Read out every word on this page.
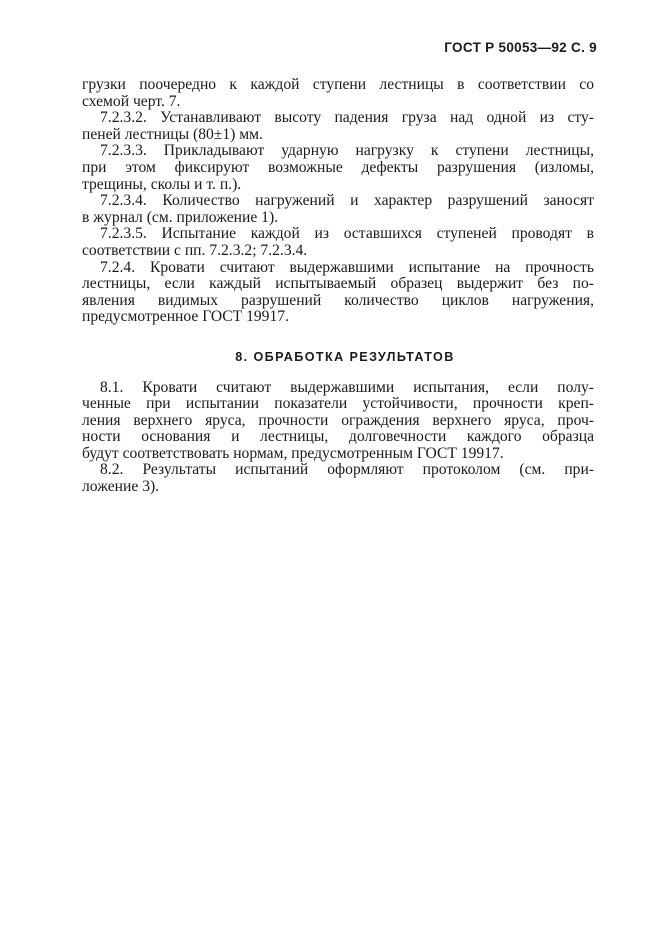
ГОСТ Р 50053—92 С. 9
грузки поочередно к каждой ступени лестницы в соответствии со
схемой черт. 7.
7.2.3.2. Устанавливают высоту падения груза над одной из сту-
пеней лестницы (80±1) мм.
7.2.3.3. Прикладывают ударную нагрузку к ступени лестницы,
при этом фиксируют возможные дефекты разрушения (изломы,
трещины, сколы и т. п.).
7.2.3.4. Количество нагружений и характер разрушений заносят
в журнал (см. приложение 1).
7.2.3.5. Испытание каждой из оставшихся ступеней проводят в
соответствии с пп. 7.2.3.2; 7.2.3.4.
7.2.4. Кровати считают выдержавшими испытание на прочность
лестницы, если каждый испытываемый образец выдержит без по-
явления видимых разрушений количество циклов нагружения,
предусмотренное ГОСТ 19917.
8. ОБРАБОТКА РЕЗУЛЬТАТОВ
8.1. Кровати считают выдержавшими испытания, если полу-
ченные при испытании показатели устойчивости, прочности креп-
ления верхнего яруса, прочности ограждения верхнего яруса, проч-
ности основания и лестницы, долговечности каждого образца
будут соответствовать нормам, предусмотренным ГОСТ 19917.
8.2. Результаты испытаний оформляют протоколом (см. при-
ложение 3).
